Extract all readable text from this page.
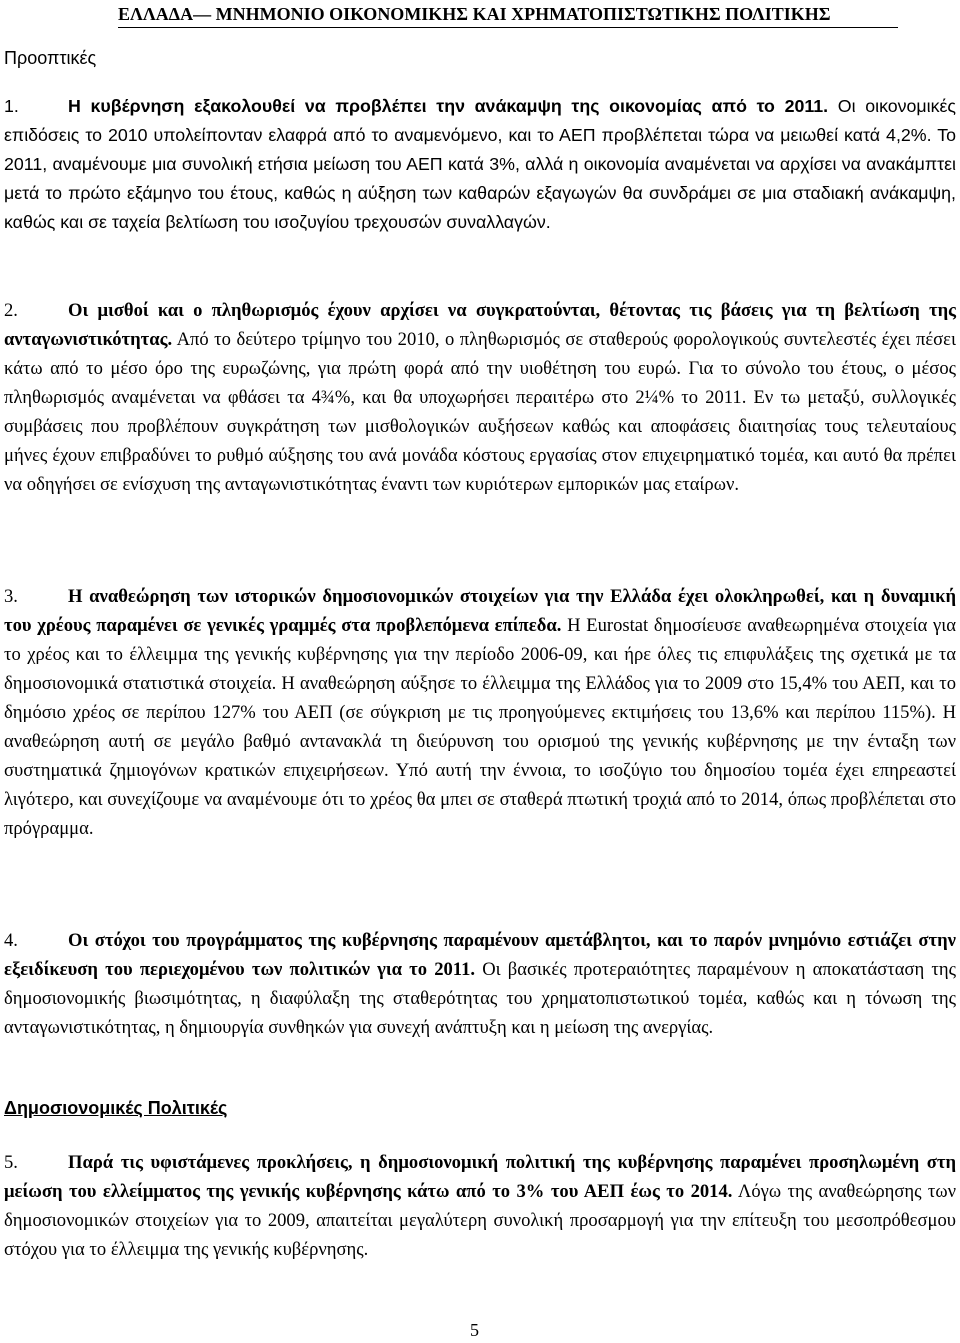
ΕΛΛΑΔΑ— ΜΝΗΜΟΝΙΟ ΟΙΚΟΝΟΜΙΚΗΣ ΚΑΙ ΧΡΗΜΑΤΟΠΙΣΤΩΤΙΚΗΣ ΠΟΛΙΤΙΚΗΣ
Προοπτικές
1.	Η κυβέρνηση εξακολουθεί να προβλέπει την ανάκαμψη της οικονομίας από το 2011. Οι οικονομικές επιδόσεις το 2010 υπολείπονταν ελαφρά από το αναμενόμενο, και το ΑΕΠ προβλέπεται τώρα να μειωθεί κατά 4,2%. Το 2011, αναμένουμε μια συνολική ετήσια μείωση του ΑΕΠ κατά 3%, αλλά η οικονομία αναμένεται να αρχίσει να ανακάμπτει μετά το πρώτο εξάμηνο του έτους, καθώς η αύξηση των καθαρών εξαγωγών θα συνδράμει σε μια σταδιακή ανάκαμψη, καθώς και σε ταχεία βελτίωση του ισοζυγίου τρεχουσών συναλλαγών.
2.	Οι μισθοί και ο πληθωρισμός έχουν αρχίσει να συγκρατούνται, θέτοντας τις βάσεις για τη βελτίωση της ανταγωνιστικότητας. Από το δεύτερο τρίμηνο του 2010, ο πληθωρισμός σε σταθερούς φορολογικούς συντελεστές έχει πέσει κάτω από το μέσο όρο της ευρωζώνης, για πρώτη φορά από την υιοθέτηση του ευρώ. Για το σύνολο του έτους, ο μέσος πληθωρισμός αναμένεται να φθάσει τα 4¾%, και θα υποχωρήσει περαιτέρω στο 2¼% το 2011. Εν τω μεταξύ, συλλογικές συμβάσεις που προβλέπουν συγκράτηση των μισθολογικών αυξήσεων καθώς και αποφάσεις διαιτησίας τους τελευταίους μήνες έχουν επιβραδύνει το ρυθμό αύξησης του ανά μονάδα κόστους εργασίας στον επιχειρηματικό τομέα, και αυτό θα πρέπει να οδηγήσει σε ενίσχυση της ανταγωνιστικότητας έναντι των κυριότερων εμπορικών μας εταίρων.
3.	Η αναθεώρηση των ιστορικών δημοσιονομικών στοιχείων για την Ελλάδα έχει ολοκληρωθεί, και η δυναμική του χρέους παραμένει σε γενικές γραμμές στα προβλεπόμενα επίπεδα. Η Eurostat δημοσίευσε αναθεωρημένα στοιχεία για το χρέος και το έλλειμμα της γενικής κυβέρνησης για την περίοδο 2006-09, και ήρε όλες τις επιφυλάξεις της σχετικά με τα δημοσιονομικά στατιστικά στοιχεία. Η αναθεώρηση αύξησε το έλλειμμα της Ελλάδος για το 2009 στο 15,4% του ΑΕΠ, και το δημόσιο χρέος σε περίπου 127% του ΑΕΠ (σε σύγκριση με τις προηγούμενες εκτιμήσεις του 13,6% και περίπου 115%). Η αναθεώρηση αυτή σε μεγάλο βαθμό αντανακλά τη διεύρυνση του ορισμού της γενικής κυβέρνησης με την ένταξη των συστηματικά ζημιογόνων κρατικών επιχειρήσεων. Υπό αυτή την έννοια, το ισοζύγιο του δημοσίου τομέα έχει επηρεαστεί λιγότερο, και συνεχίζουμε να αναμένουμε ότι το χρέος θα μπει σε σταθερά πτωτική τροχιά από το 2014, όπως προβλέπεται στο πρόγραμμα.
4.	Οι στόχοι του προγράμματος της κυβέρνησης παραμένουν αμετάβλητοι, και το παρόν μνημόνιο εστιάζει στην εξειδίκευση του περιεχομένου των πολιτικών για το 2011. Οι βασικές προτεραιότητες παραμένουν η αποκατάσταση της δημοσιονομικής βιωσιμότητας, η διαφύλαξη της σταθερότητας του χρηματοπιστωτικού τομέα, καθώς και η τόνωση της ανταγωνιστικότητας, η δημιουργία συνθηκών για συνεχή ανάπτυξη και η μείωση της ανεργίας.
Δημοσιονομικές Πολιτικές
5.	Παρά τις υφιστάμενες προκλήσεις, η δημοσιονομική πολιτική της κυβέρνησης παραμένει προσηλωμένη στη μείωση του ελλείμματος της γενικής κυβέρνησης κάτω από το 3% του ΑΕΠ έως το 2014. Λόγω της αναθεώρησης των δημοσιονομικών στοιχείων για το 2009, απαιτείται μεγαλύτερη συνολική προσαρμογή για την επίτευξη του μεσοπρόθεσμου στόχου για το έλλειμμα της γενικής κυβέρνησης.
5
